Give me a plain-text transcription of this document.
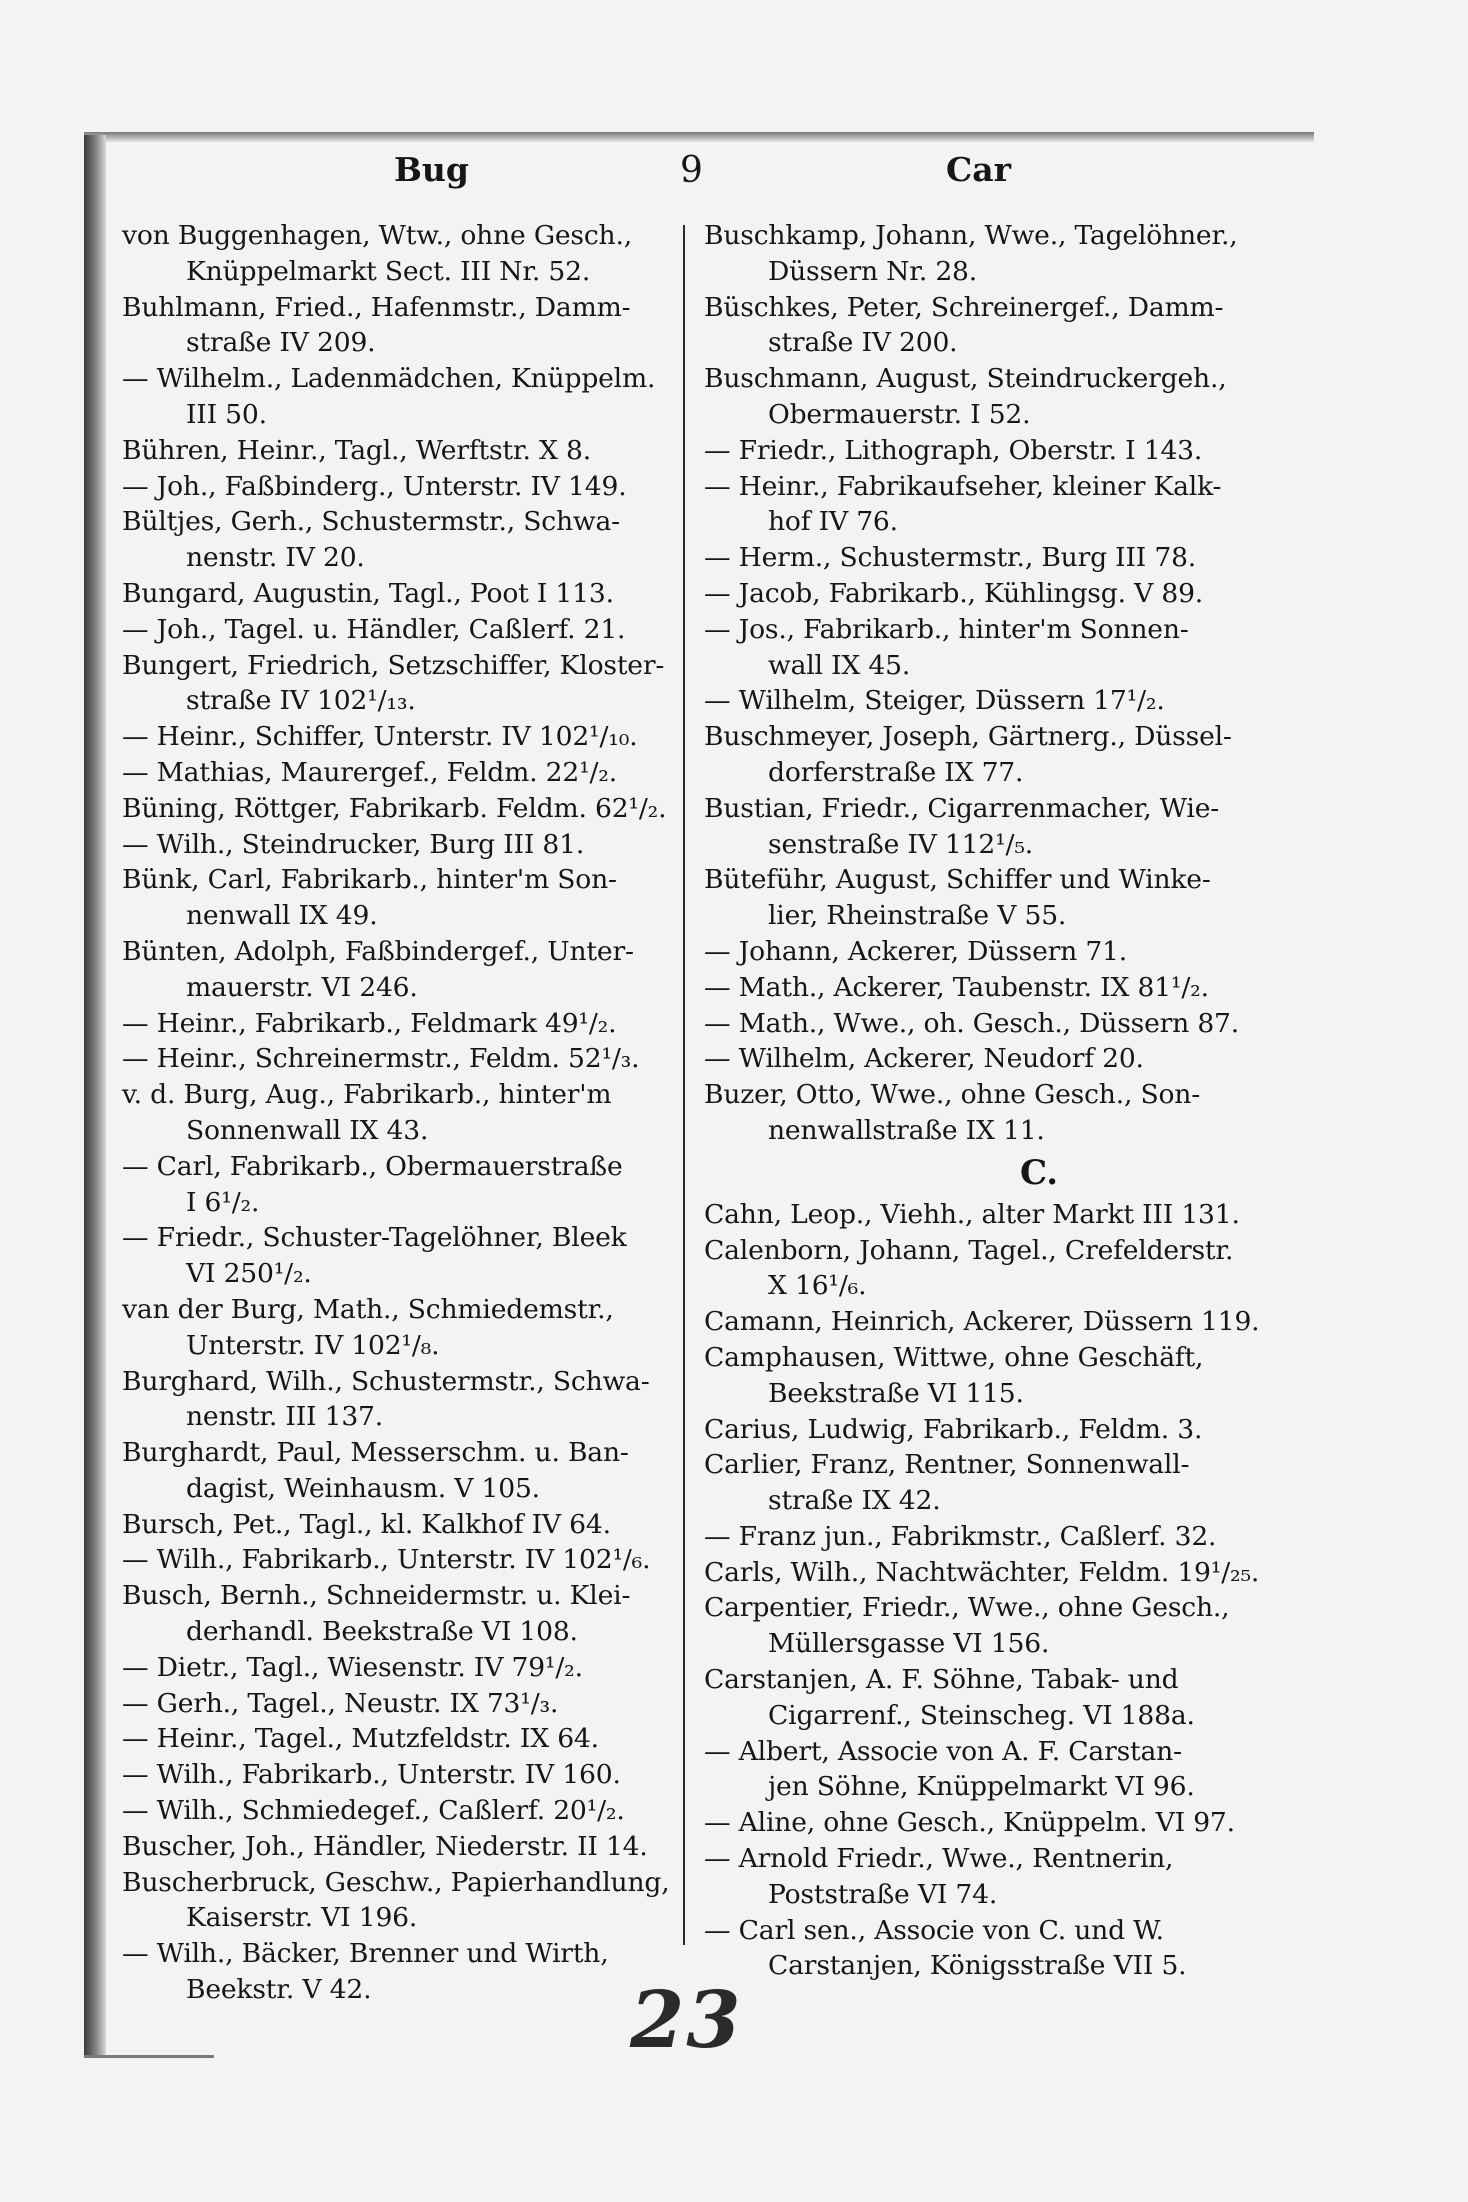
Bug	9	Car
von Buggenhagen, Wtw., ohne Gesch.,
Knüppelmarkt Sect. III Nr. 52.
Buhlmann, Fried., Hafenmstr., Damm-
straße IV 209.
— Wilhelm., Ladenmädchen, Knüppelm.
III 50.
Bühren, Heinr., Tagl., Werftstr. X 8.
— Joh., Faßbinderg., Unterstr. IV 149.
Bültjes, Gerh., Schustermstr., Schwa-
nenstr. IV 20.
Bungard, Augustin, Tagl., Poot I 113.
— Joh., Tagel. u. Händler, Caßlerf. 21.
Bungert, Friedrich, Setzschiffer, Kloster-
straße IV 102¹/₁₃.
— Heinr., Schiffer, Unterstr. IV 102¹/₁₀.
— Mathias, Maurergef., Feldm. 22¹/₂.
Büning, Röttger, Fabrikarb. Feldm. 62¹/₂.
— Wilh., Steindrucker, Burg III 81.
Bünk, Carl, Fabrikarb., hinter'm Son-
nenwall IX 49.
Bünten, Adolph, Faßbindergef., Unter-
mauerstr. VI 246.
— Heinr., Fabrikarb., Feldmark 49¹/₂.
— Heinr., Schreinermstr., Feldm. 52¹/₃.
v. d. Burg, Aug., Fabrikarb., hinter'm
Sonnenwall IX 43.
— Carl, Fabrikarb., Obermauerstraße
I 6¹/₂.
— Friedr., Schuster-Tagelöhner, Bleek
VI 250¹/₂.
van der Burg, Math., Schmiedemstr.,
Unterstr. IV 102¹/₈.
Burghard, Wilh., Schustermstr., Schwa-
nenstr. III 137.
Burghardt, Paul, Messerschm. u. Ban-
dagist, Weinhausm. V 105.
Bursch, Pet., Tagl., kl. Kalkhof IV 64.
— Wilh., Fabrikarb., Unterstr. IV 102¹/₆.
Busch, Bernh., Schneidermstr. u. Klei-
derhandl. Beekstraße VI 108.
— Dietr., Tagl., Wiesenstr. IV 79¹/₂.
— Gerh., Tagel., Neustr. IX 73¹/₃.
— Heinr., Tagel., Mutzfeldstr. IX 64.
— Wilh., Fabrikarb., Unterstr. IV 160.
— Wilh., Schmiedegef., Caßlerf. 20¹/₂.
Buscher, Joh., Händler, Niederstr. II 14.
Buscherbruck, Geschw., Papierhandlung,
Kaiserstr. VI 196.
— Wilh., Bäcker, Brenner und Wirth,
Beekstr. V 42.
Buschkamp, Johann, Wwe., Tagelöhner.,
Düssern Nr. 28.
Büschkes, Peter, Schreinergef., Damm-
straße IV 200.
Buschmann, August, Steindruckergeh.,
Obermauerstr. I 52.
— Friedr., Lithograph, Oberstr. I 143.
— Heinr., Fabrikaufseher, kleiner Kalk-
hof IV 76.
— Herm., Schustermstr., Burg III 78.
— Jacob, Fabrikarb., Kühlingsg. V 89.
— Jos., Fabrikarb., hinter'm Sonnen-
wall IX 45.
— Wilhelm, Steiger, Düssern 17¹/₂.
Buschmeyer, Joseph, Gärtnerg., Düssel-
dorferstraße IX 77.
Bustian, Friedr., Cigarrenmacher, Wie-
senstraße IV 112¹/₅.
Büteführ, August, Schiffer und Winke-
lier, Rheinstraße V 55.
— Johann, Ackerer, Düssern 71.
— Math., Ackerer, Taubenstr. IX 81¹/₂.
— Math., Wwe., oh. Gesch., Düssern 87.
— Wilhelm, Ackerer, Neudorf 20.
Buzer, Otto, Wwe., ohne Gesch., Son-
nenwallstraße IX 11.
C.
Cahn, Leop., Viehh., alter Markt III 131.
Calenborn, Johann, Tagel., Crefelderstr.
X 16¹/₆.
Camann, Heinrich, Ackerer, Düssern 119.
Camphausen, Wittwe, ohne Geschäft,
Beekstraße VI 115.
Carius, Ludwig, Fabrikarb., Feldm. 3.
Carlier, Franz, Rentner, Sonnenwall-
straße IX 42.
— Franz jun., Fabrikmstr., Caßlerf. 32.
Carls, Wilh., Nachtwächter, Feldm. 19¹/₂₅.
Carpentier, Friedr., Wwe., ohne Gesch.,
Müllersgasse VI 156.
Carstanjen, A. F. Söhne, Tabak- und
Cigarrenf., Steinscheg. VI 188a.
— Albert, Associe von A. F. Carstan-
jen Söhne, Knüppelmarkt VI 96.
— Aline, ohne Gesch., Knüppelm. VI 97.
— Arnold Friedr., Wwe., Rentnerin,
Poststraße VI 74.
— Carl sen., Associe von C. und W.
Carstanjen, Königsstraße VII 5.
23
